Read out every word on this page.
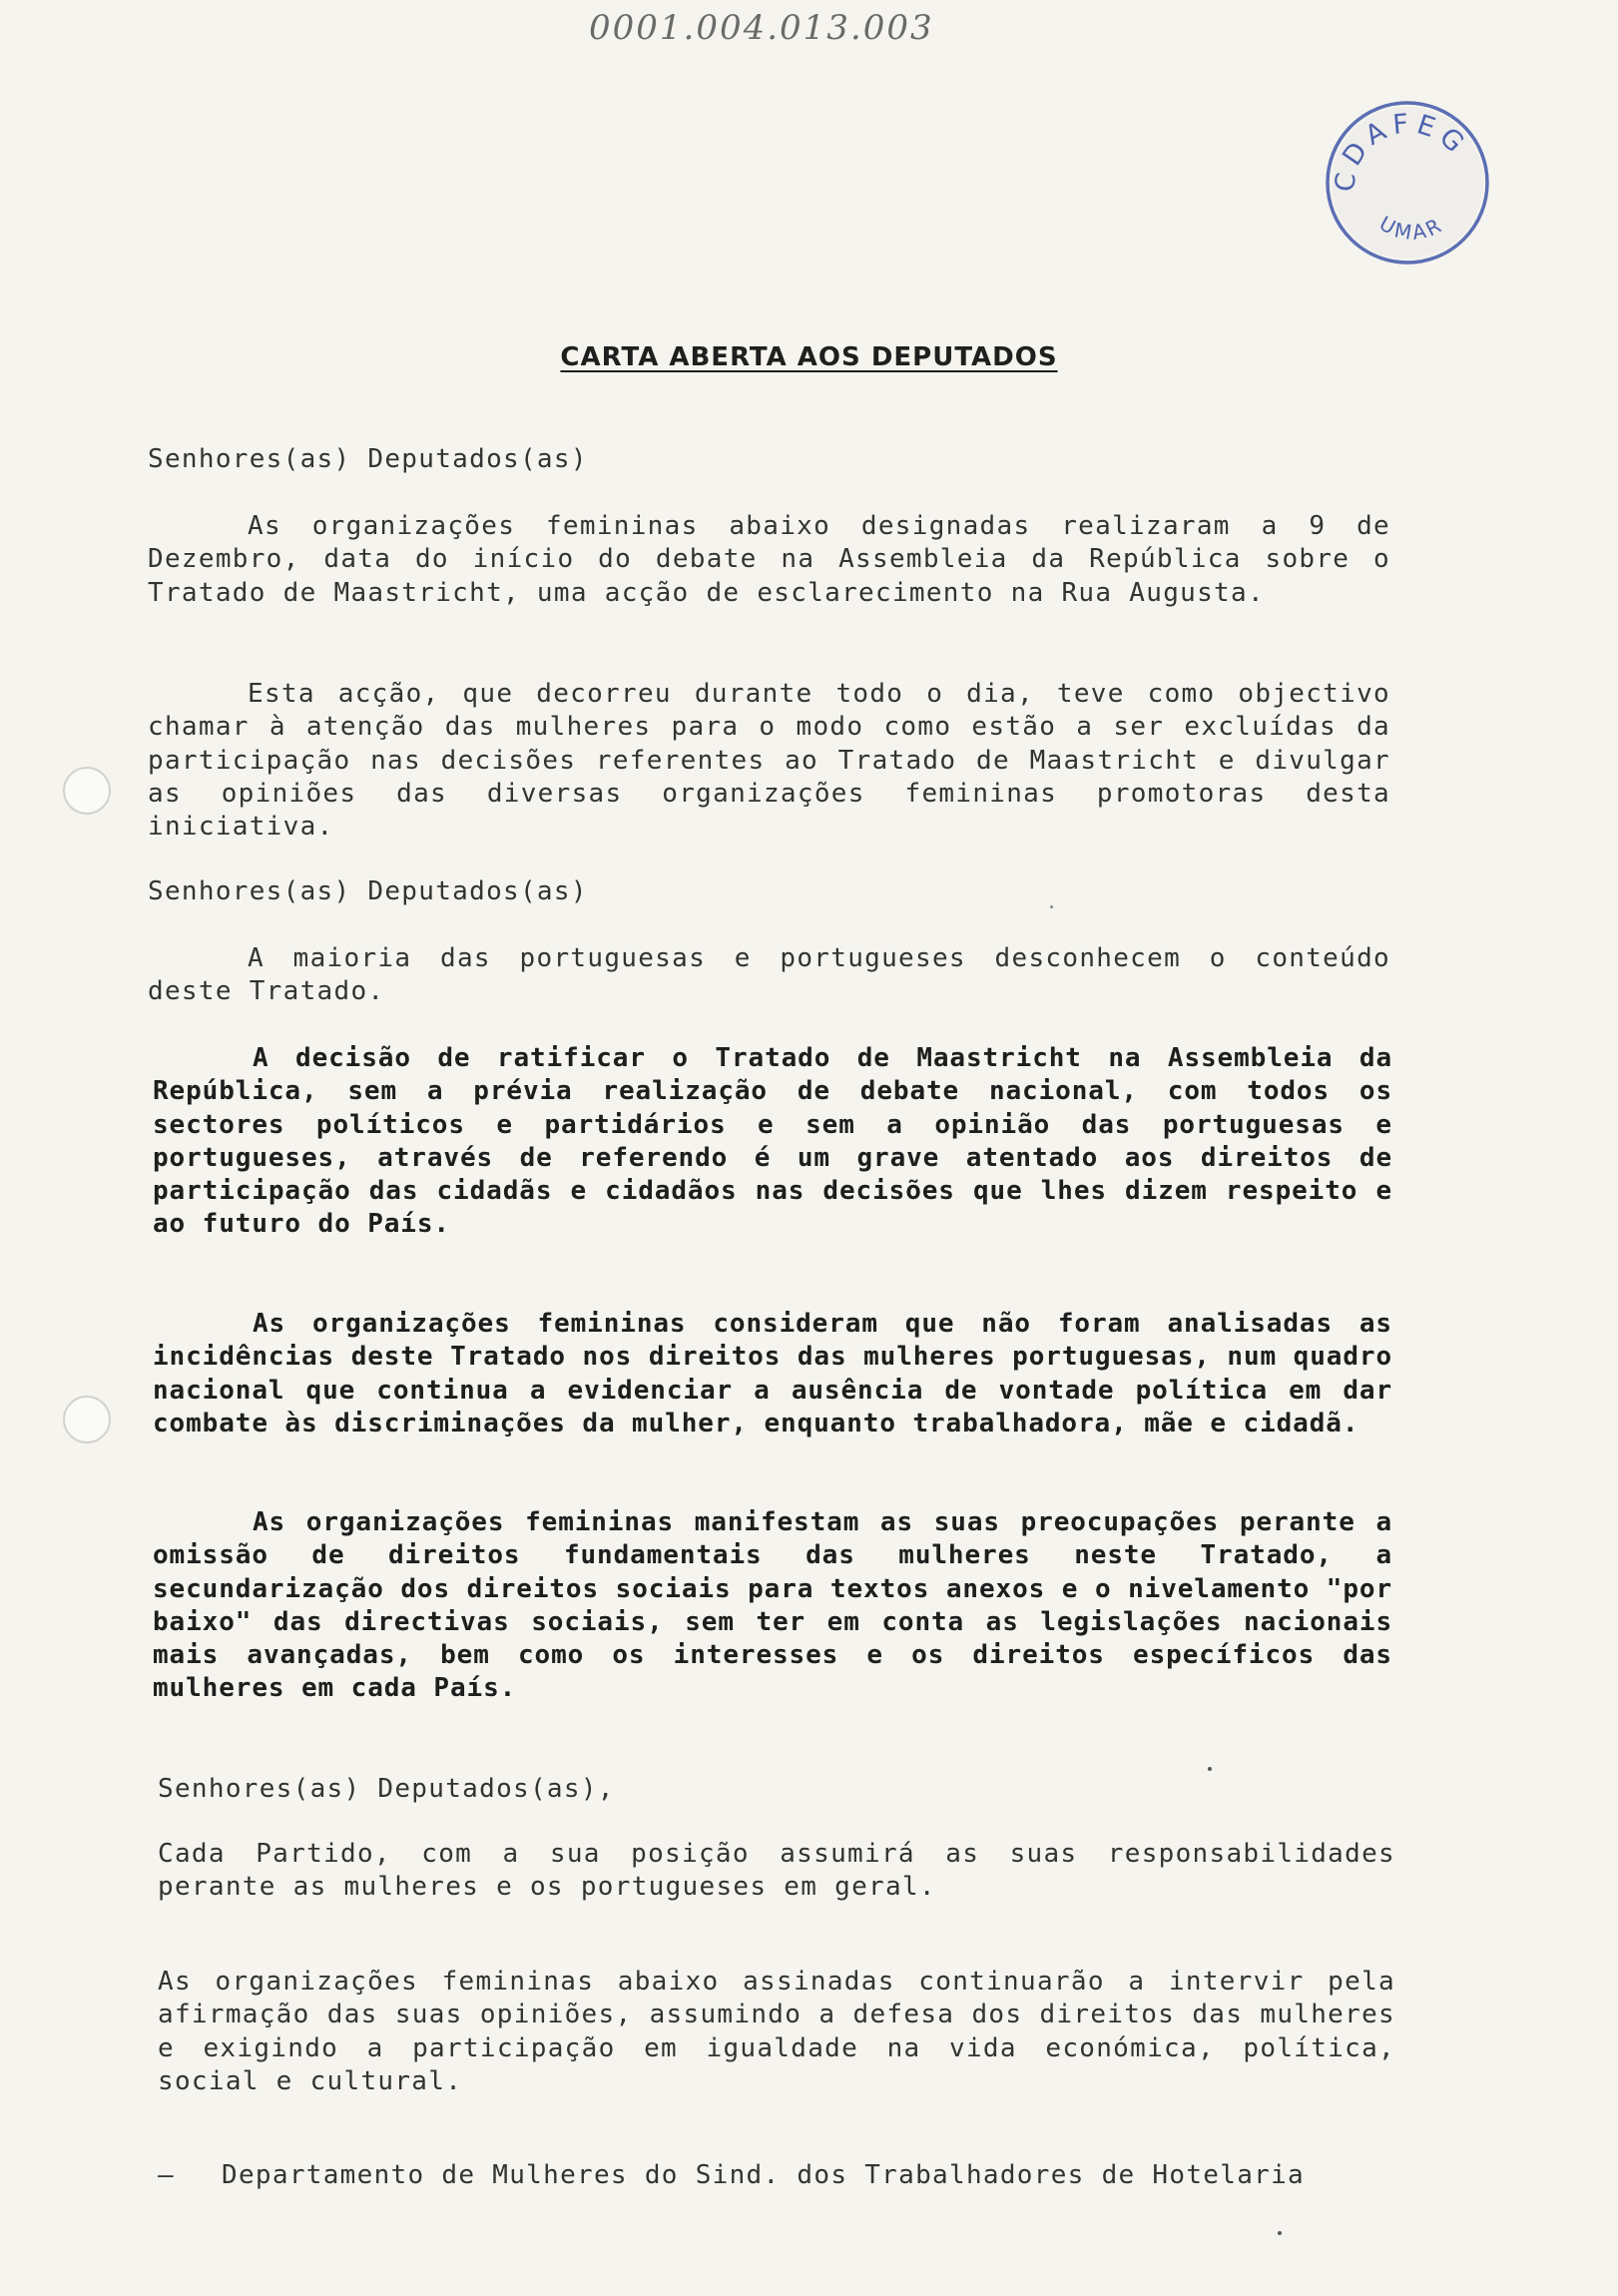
0001.004.013.003
CDAFEG
UMAR
CARTA ABERTA AOS DEPUTADOS
Senhores(as) Deputados(as)
As organizações femininas abaixo designadas realizaram a 9 de Dezembro, data do início do debate na Assembleia da República sobre o Tratado de Maastricht, uma acção de esclarecimento na Rua Augusta.
Esta acção, que decorreu durante todo o dia, teve como objectivo chamar à atenção das mulheres para o modo como estão a ser excluídas da participação nas decisões referentes ao Tratado de Maastricht e divulgar as opiniões das diversas organizações femininas promotoras desta iniciativa.
Senhores(as) Deputados(as)
A maioria das portuguesas e portugueses desconhecem o conteúdo deste Tratado.
A decisão de ratificar o Tratado de Maastricht na Assembleia da República, sem a prévia realização de debate nacional, com todos os sectores políticos e partidários e sem a opinião das portuguesas e portugueses, através de referendo é um grave atentado aos direitos de participação das cidadãs e cidadãos nas decisões que lhes dizem respeito e ao futuro do País.
As organizações femininas consideram que não foram analisadas as incidências deste Tratado nos direitos das mulheres portuguesas, num quadro nacional que continua a evidenciar a ausência de vontade política em dar combate às discriminações da mulher, enquanto trabalhadora, mãe e cidadã.
As organizações femininas manifestam as suas preocupações perante a omissão de direitos fundamentais das mulheres neste Tratado, a secundarização dos direitos sociais para textos anexos e o nivelamento "por baixo" das directivas sociais, sem ter em conta as legislações nacionais mais avançadas, bem como os interesses e os direitos específicos das mulheres em cada País.
Senhores(as) Deputados(as),
Cada Partido, com a sua posição assumirá as suas responsabilidades perante as mulheres e os portugueses em geral.
As organizações femininas abaixo assinadas continuarão a intervir pela afirmação das suas opiniões, assumindo a defesa dos direitos das mulheres e exigindo a participação em igualdade na vida económica, política, social e cultural.
– Departamento de Mulheres do Sind. dos Trabalhadores de Hotelaria
